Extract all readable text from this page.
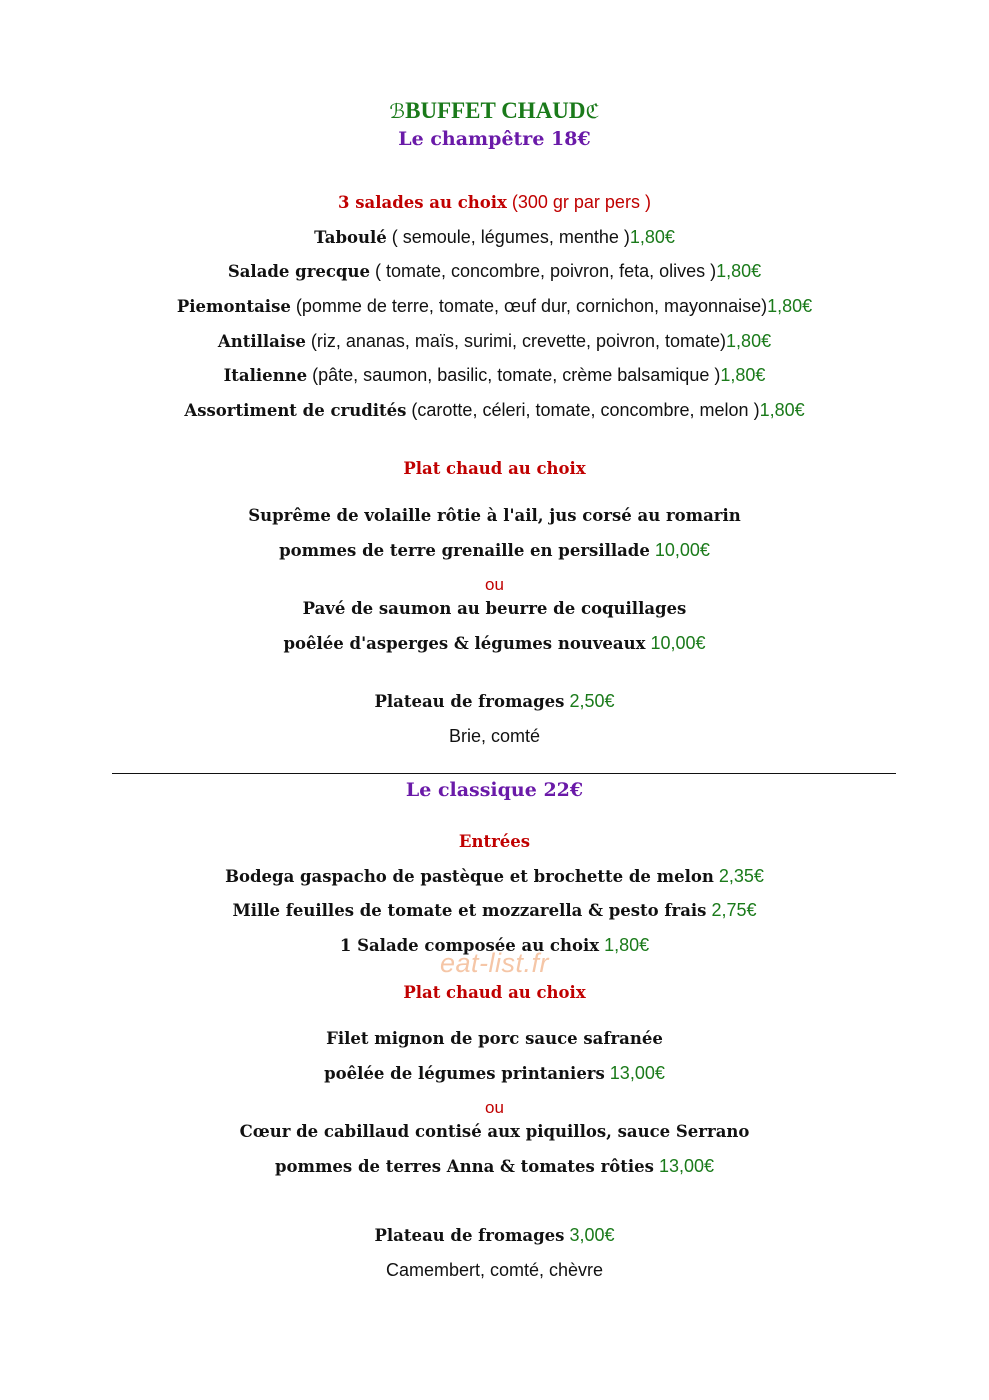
ℬBUFFET CHAUDℭ
Le champêtre 18€
3 salades au choix (300 gr par pers )
Taboulé ( semoule, légumes, menthe )1,80€
Salade grecque ( tomate, concombre, poivron, feta, olives )1,80€
Piemontaise (pomme de terre, tomate, œuf dur, cornichon, mayonnaise)1,80€
Antillaise (riz, ananas, maïs, surimi, crevette, poivron, tomate)1,80€
Italienne (pâte, saumon, basilic, tomate, crème balsamique )1,80€
Assortiment de crudités (carotte, céleri, tomate, concombre, melon )1,80€
Plat chaud au choix
Suprême de volaille rôtie à l'ail, jus corsé au romarin
pommes de terre grenaille en persillade 10,00€
ou
Pavé de saumon au beurre de coquillages
poêlée d'asperges & légumes nouveaux 10,00€
Plateau de fromages 2,50€
Brie, comté
Le classique 22€
Entrées
Bodega gaspacho de pastèque et brochette de melon 2,35€
Mille feuilles de tomate et mozzarella & pesto frais 2,75€
1 Salade composée au choix 1,80€
eat-list.fr
Plat chaud au choix
Filet mignon de porc sauce safranée
poêlée de légumes printaniers 13,00€
ou
Cœur de cabillaud contisé aux piquillos, sauce Serrano
pommes de terres Anna & tomates rôties 13,00€
Plateau de fromages 3,00€
Camembert, comté, chèvre
